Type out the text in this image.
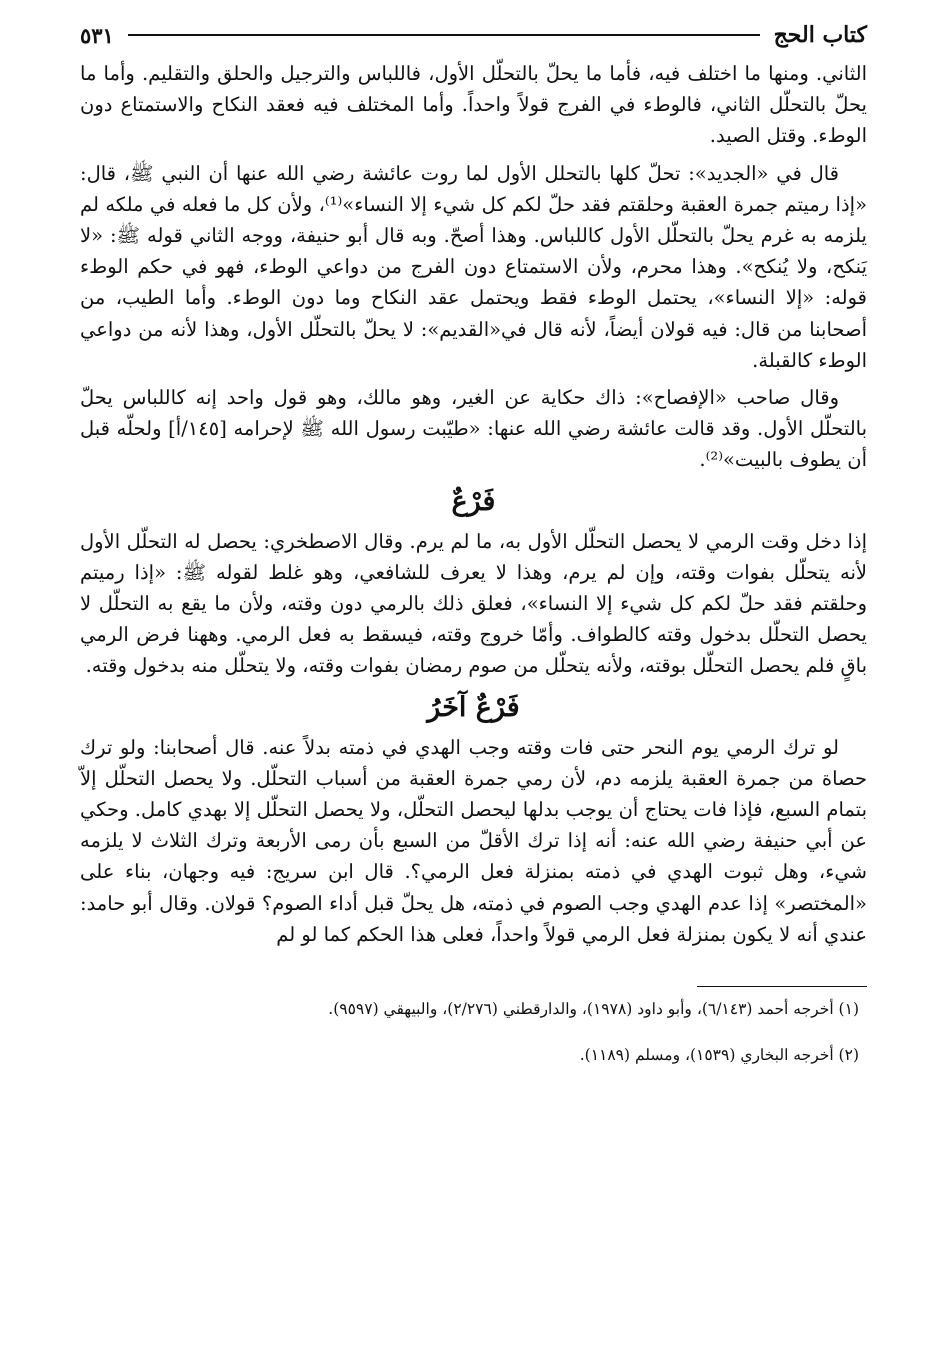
كتاب الحج
٥٣١

الثاني. ومنها ما اختلف فيه، فأما ما يحلّ بالتحلّل الأول، فاللباس والترجيل والحلق والتقليم. وأما ما يحلّ بالتحلّل الثاني، فالوطء في الفرج قولاً واحداً. وأما المختلف فيه فعقد النكاح والاستمتاع دون الوطء. وقتل الصيد.

قال في «الجديد»: تحلّ كلها بالتحلل الأول لما روت عائشة رضي الله عنها أن النبي ﷺ، قال: «إذا رميتم جمرة العقبة وحلقتم فقد حلّ لكم كل شيء إلا النساء»⁽¹⁾، ولأن كل ما فعله في ملكه لم يلزمه به غرم يحلّ بالتحلّل الأول كاللباس. وهذا أصحّ. وبه قال أبو حنيفة، ووجه الثاني قوله ﷺ: «لا يَنكح، ولا يُنكح». وهذا محرم، ولأن الاستمتاع دون الفرج من دواعي الوطء، فهو في حكم الوطء قوله: «إلا النساء»، يحتمل الوطء فقط ويحتمل عقد النكاح وما دون الوطء. وأما الطيب، من أصحابنا من قال: فيه قولان أيضاً، لأنه قال في«القديم»: لا يحلّ بالتحلّل الأول، وهذا لأنه من دواعي الوطء كالقبلة.

وقال صاحب «الإفصاح»: ذاك حكاية عن الغير، وهو مالك، وهو قول واحد إنه كاللباس يحلّ بالتحلّل الأول. وقد قالت عائشة رضي الله عنها: «طيّبت رسول الله ﷺ لإحرامه [١٤٥/أ] ولحلّه قبل أن يطوف بالبيت»⁽²⁾.

فَرْعٌ

إذا دخل وقت الرمي لا يحصل التحلّل الأول به، ما لم يرم. وقال الاصطخري: يحصل له التحلّل الأول لأنه يتحلّل بفوات وقته، وإن لم يرم، وهذا لا يعرف للشافعي، وهو غلط لقوله ﷺ: «إذا رميتم وحلقتم فقد حلّ لكم كل شيء إلا النساء»، فعلق ذلك بالرمي دون وقته، ولأن ما يقع به التحلّل لا يحصل التحلّل بدخول وقته كالطواف. وأمّا خروج وقته، فيسقط به فعل الرمي. وههنا فرض الرمي باقٍ فلم يحصل التحلّل بوقته، ولأنه يتحلّل من صوم رمضان بفوات وقته، ولا يتحلّل منه بدخول وقته.

فَرْعٌ آخَرُ

لو ترك الرمي يوم النحر حتى فات وقته وجب الهدي في ذمته بدلاً عنه. قال أصحابنا: ولو ترك حصاة من جمرة العقبة يلزمه دم، لأن رمي جمرة العقبة من أسباب التحلّل. ولا يحصل التحلّل إلاّ بتمام السبع، فإذا فات يحتاج أن يوجب بدلها ليحصل التحلّل، ولا يحصل التحلّل إلا بهدي كامل. وحكي عن أبي حنيفة رضي الله عنه: أنه إذا ترك الأقلّ من السبع بأن رمى الأربعة وترك الثلاث لا يلزمه شيء، وهل ثبوت الهدي في ذمته بمنزلة فعل الرمي؟. قال ابن سريج: فيه وجهان، بناء على «المختصر» إذا عدم الهدي وجب الصوم في ذمته، هل يحلّ قبل أداء الصوم؟ قولان. وقال أبو حامد: عندي أنه لا يكون بمنزلة فعل الرمي قولاً واحداً، فعلى هذا الحكم كما لو لم

(١) أخرجه أحمد (٦/١٤٣)، وأبو داود (١٩٧٨)، والدارقطني (٢/٢٧٦)، والبيهقي (٩٥٩٧).

(٢) أخرجه البخاري (١٥٣٩)، ومسلم (١١٨٩).
